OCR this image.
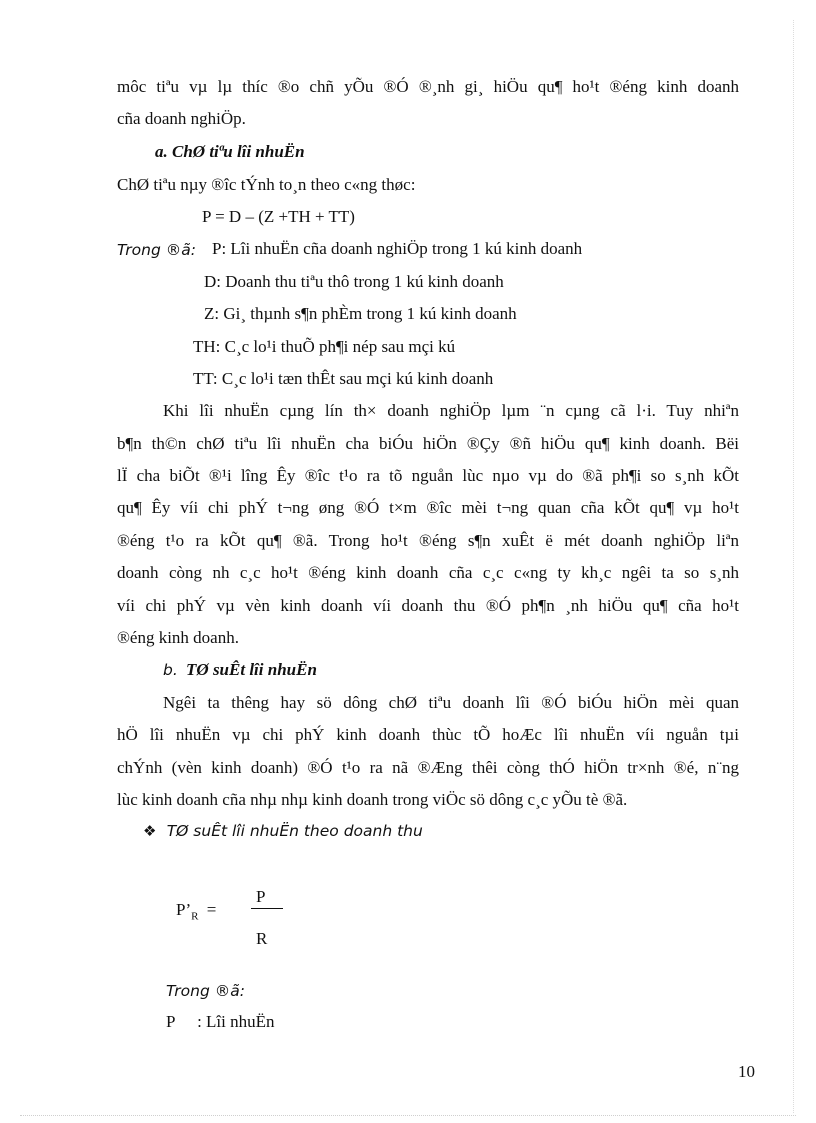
môc tiªu vµ lµ thíc ®o chñ yÕu ®Ó ®¸nh gi¸ hiÖu qu¶ ho¹t ®éng kinh doanh
cña doanh nghiÖp.
a. ChØ tiªu lîi nhuËn
ChØ tiªu nµy ®îc tÝnh to¸n theo c«ng thøc:
P = D – (Z +TH + TT)
Trong ®ã: P: Lîi nhuËn cña doanh nghiÖp trong 1 kú kinh doanh
D: Doanh thu tiªu thô trong 1 kú kinh doanh
Z: Gi¸ thµnh s¶n phÈm trong 1 kú kinh doanh
TH: C¸c lo¹i thuÕ ph¶i nép sau mçi kú
TT: C¸c lo¹i tæn thÊt sau mçi kú kinh doanh
Khi lîi nhuËn cµng lín th× doanh nghiÖp lµm ¨n cµng cã l·i. Tuy nhiªn
b¶n th©n chØ tiªu lîi nhuËn cha biÓu hiÖn ®Çy ®ñ hiÖu qu¶ kinh doanh. Bëi
lÏ cha biÕt ®¹i lîng Êy ®îc t¹o ra tõ nguån lùc nµo vµ do ®ã ph¶i so s¸nh kÕt
qu¶ Êy víi chi phÝ t¬ng øng ®Ó t×m ®îc mèi t¬ng quan cña kÕt qu¶ vµ ho¹t
®éng t¹o ra kÕt qu¶ ®ã. Trong ho¹t ®éng s¶n xuÊt ë mét doanh nghiÖp liªn
doanh còng nh c¸c ho¹t ®éng kinh doanh cña c¸c c«ng ty kh¸c ngêi ta so s¸nh
víi chi phÝ vµ vèn kinh doanh víi doanh thu ®Ó ph¶n ¸nh hiÖu qu¶ cña ho¹t
®éng kinh doanh.
b. TØ suÊt lîi nhuËn
Ngêi ta thêng hay sö dông chØ tiªu doanh lîi ®Ó biÓu hiÖn mèi quan
hÖ lîi nhuËn vµ chi phÝ kinh doanh thùc tÕ hoÆc lîi nhuËn víi nguån tµi
chÝnh (vèn kinh doanh) ®Ó t¹o ra nã ®Æng thêi còng thÓ hiÖn tr×nh ®é, n¨ng
lùc kinh doanh cña nhµ nhµ kinh doanh trong viÖc sö dông c¸c yÕu tè ®ã.
❖ TØ suÊt lîi nhuËn theo doanh thu
$P’_R$ =
P
R
Trong ®ã:
P : Lîi nhuËn
10
